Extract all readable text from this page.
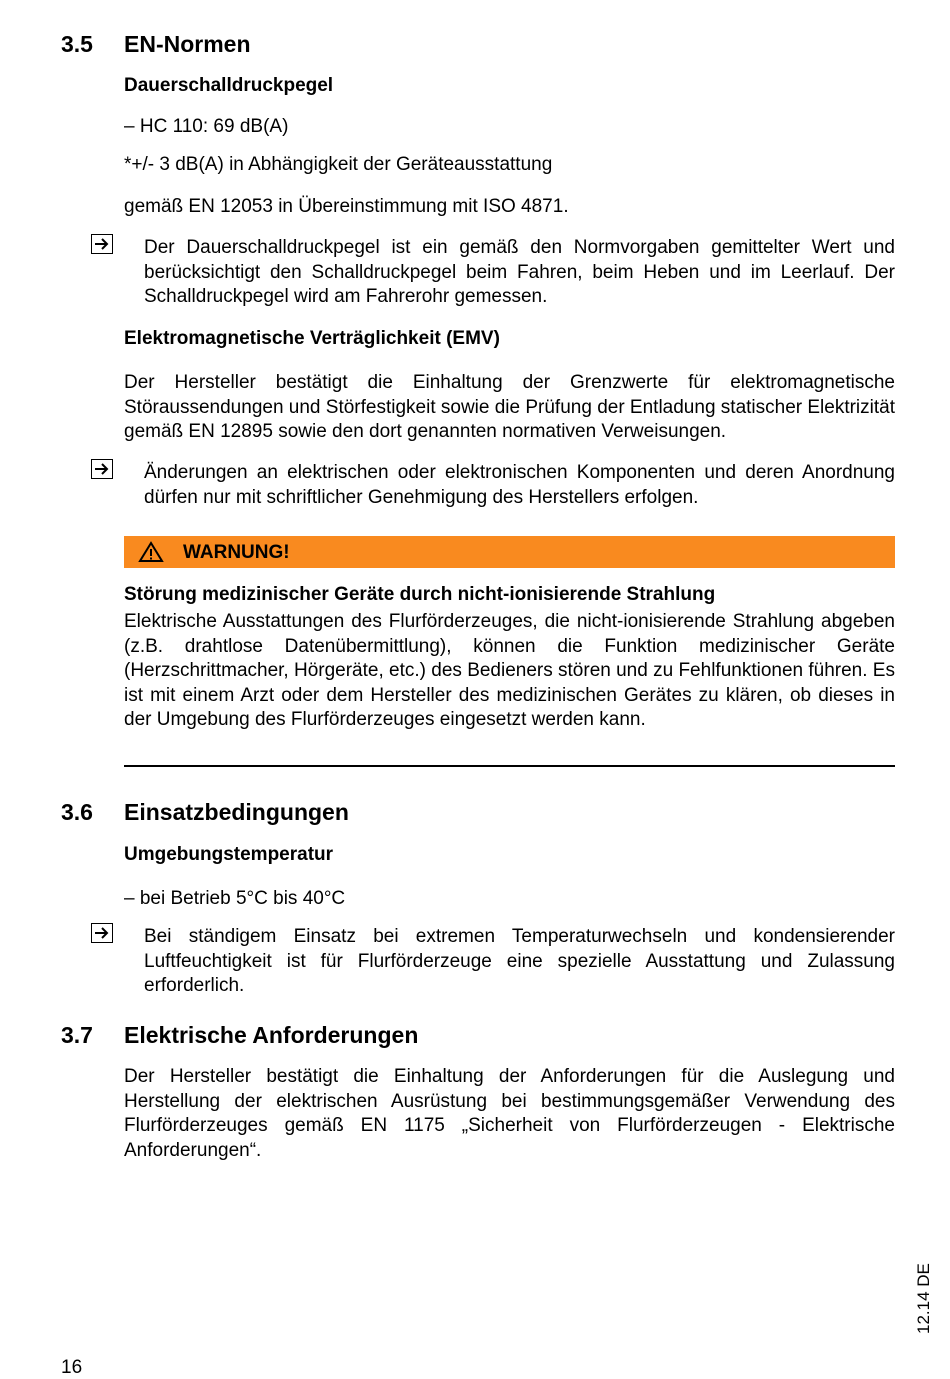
3.5 EN-Normen
Dauerschalldruckpegel
– HC 110: 69 dB(A)
*+/- 3 dB(A) in Abhängigkeit der Geräteausstattung
gemäß EN 12053 in Übereinstimmung mit ISO 4871.
Der Dauerschalldruckpegel ist ein gemäß den Normvorgaben gemittelter Wert und berücksichtigt den Schalldruckpegel beim Fahren, beim Heben und im Leerlauf. Der Schalldruckpegel wird am Fahrerohr gemessen.
Elektromagnetische Verträglichkeit (EMV)
Der Hersteller bestätigt die Einhaltung der Grenzwerte für elektromagnetische Störaussendungen und Störfestigkeit sowie die Prüfung der Entladung statischer Elektrizität gemäß EN 12895 sowie den dort genannten normativen Verweisungen.
Änderungen an elektrischen oder elektronischen Komponenten und deren Anordnung dürfen nur mit schriftlicher Genehmigung des Herstellers erfolgen.
WARNUNG!
Störung medizinischer Geräte durch nicht-ionisierende Strahlung
Elektrische Ausstattungen des Flurförderzeuges, die nicht-ionisierende Strahlung abgeben (z.B. drahtlose Datenübermittlung), können die Funktion medizinischer Geräte (Herzschrittmacher, Hörgeräte, etc.) des Bedieners stören und zu Fehlfunktionen führen. Es ist mit einem Arzt oder dem Hersteller des medizinischen Gerätes zu klären, ob dieses in der Umgebung des Flurförderzeuges eingesetzt werden kann.
3.6 Einsatzbedingungen
Umgebungstemperatur
– bei Betrieb 5°C bis 40°C
Bei ständigem Einsatz bei extremen Temperaturwechseln und kondensierender Luftfeuchtigkeit ist für Flurförderzeuge eine spezielle Ausstattung und Zulassung erforderlich.
3.7 Elektrische Anforderungen
Der Hersteller bestätigt die Einhaltung der Anforderungen für die Auslegung und Herstellung der elektrischen Ausrüstung bei bestimmungsgemäßer Verwendung des Flurförderzeuges gemäß EN 1175 „Sicherheit von Flurförderzeugen - Elektrische Anforderungen“.
12.14 DE
16
